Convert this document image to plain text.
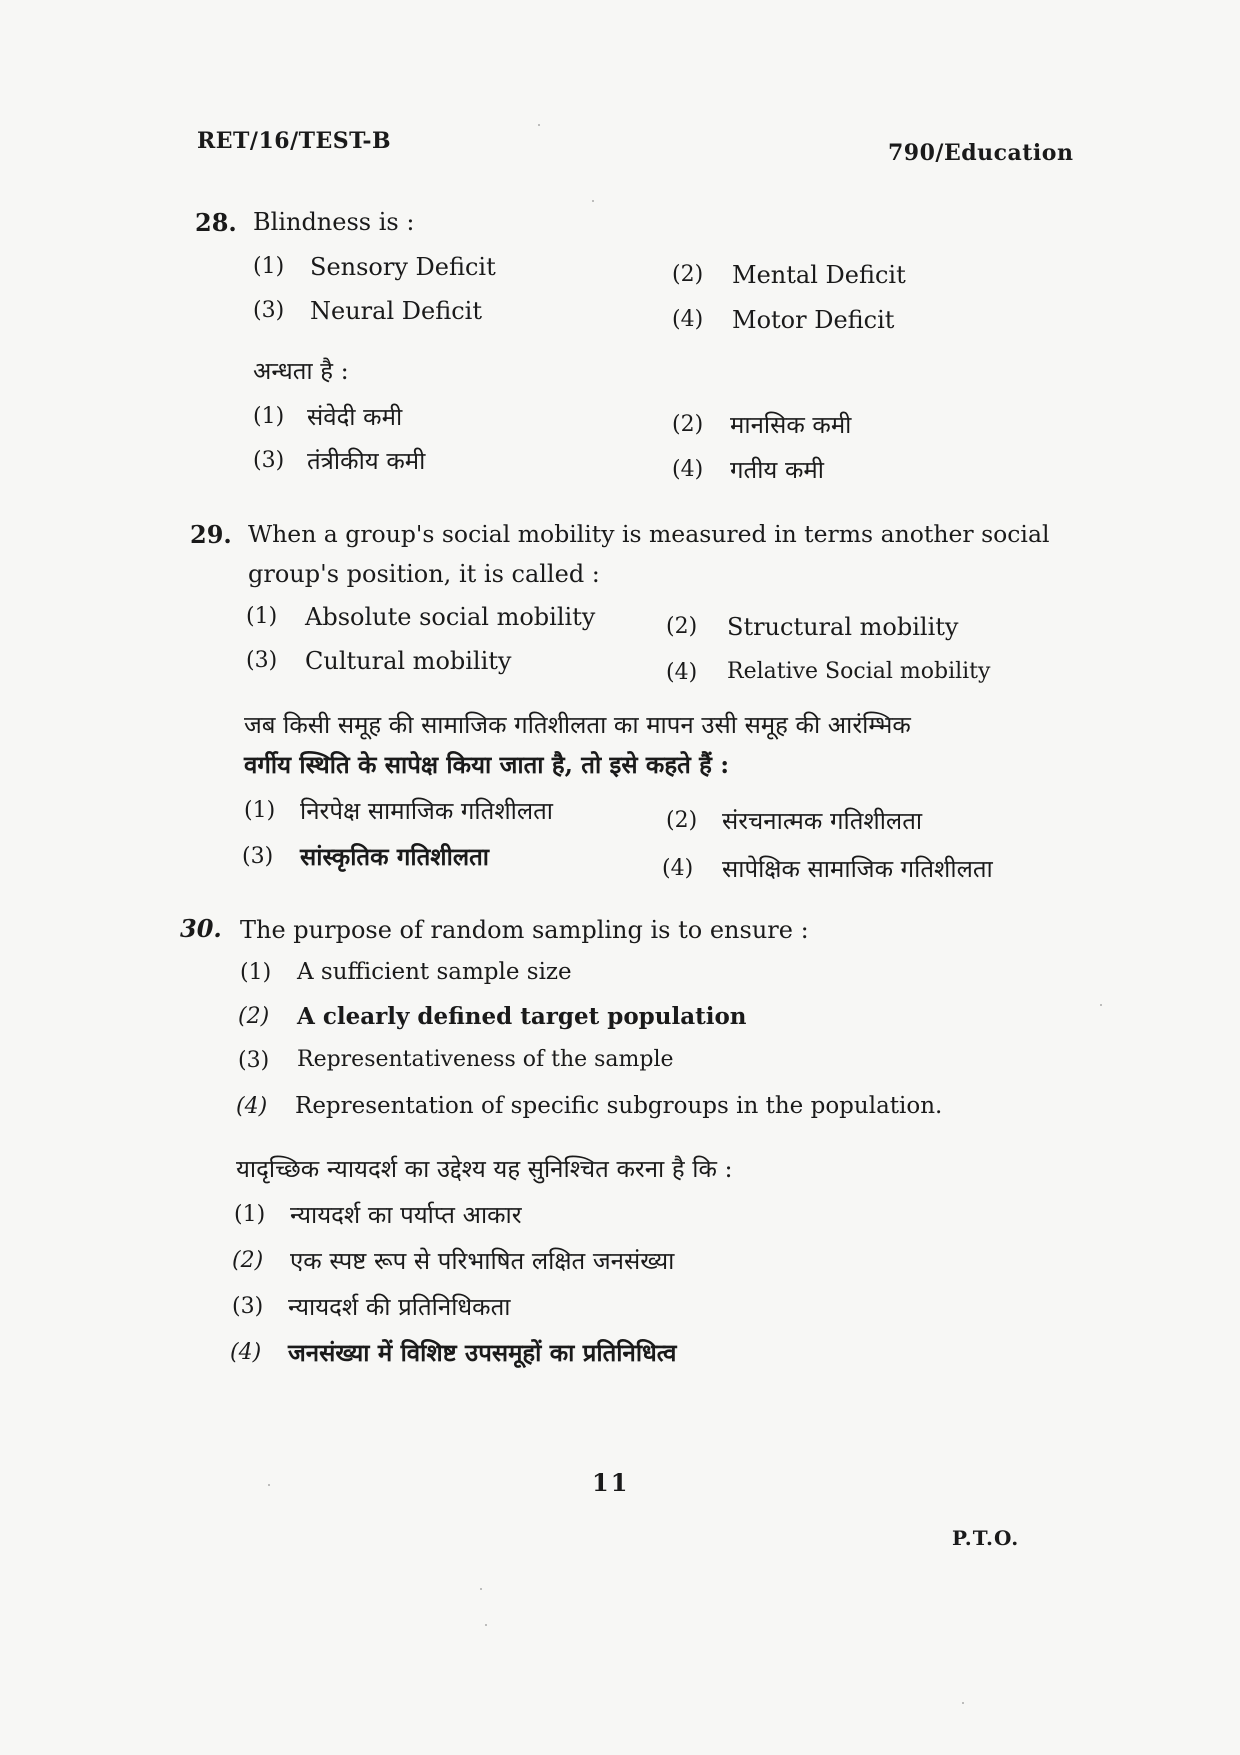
RET/16/TEST-B	790/Education
28. Blindness is :
(1) Sensory Deficit	(2) Mental Deficit
(3) Neural Deficit	(4) Motor Deficit
अन्धता है :
(1) संवेदी कमी	(2) मानसिक कमी
(3) तंत्रीकीय कमी	(4) गतीय कमी
29. When a group's social mobility is measured in terms another social
group's position, it is called :
(1) Absolute social mobility	(2) Structural mobility
(3) Cultural mobility	(4) Relative Social mobility
जब किसी समूह की सामाजिक गतिशीलता का मापन उसी समूह की आरंम्भिक
वर्गीय स्थिति के सापेक्ष किया जाता है, तो इसे कहते हैं :
(1) निरपेक्ष सामाजिक गतिशीलता	(2) संरचनात्मक गतिशीलता
(3) सांस्कृतिक गतिशीलता	(4) सापेक्षिक सामाजिक गतिशीलता
30. The purpose of random sampling is to ensure :
(1) A sufficient sample size
(2) A clearly defined target population
(3) Representativeness of the sample
(4) Representation of specific subgroups in the population.
यादृच्छिक न्यायदर्श का उद्देश्य यह सुनिश्चित करना है कि :
(1) न्यायदर्श का पर्याप्त आकार
(2) एक स्पष्ट रूप से परिभाषित लक्षित जनसंख्या
(3) न्यायदर्श की प्रतिनिधिकता
(4) जनसंख्या में विशिष्ट उपसमूहों का प्रतिनिधित्व
11
P.T.O.
